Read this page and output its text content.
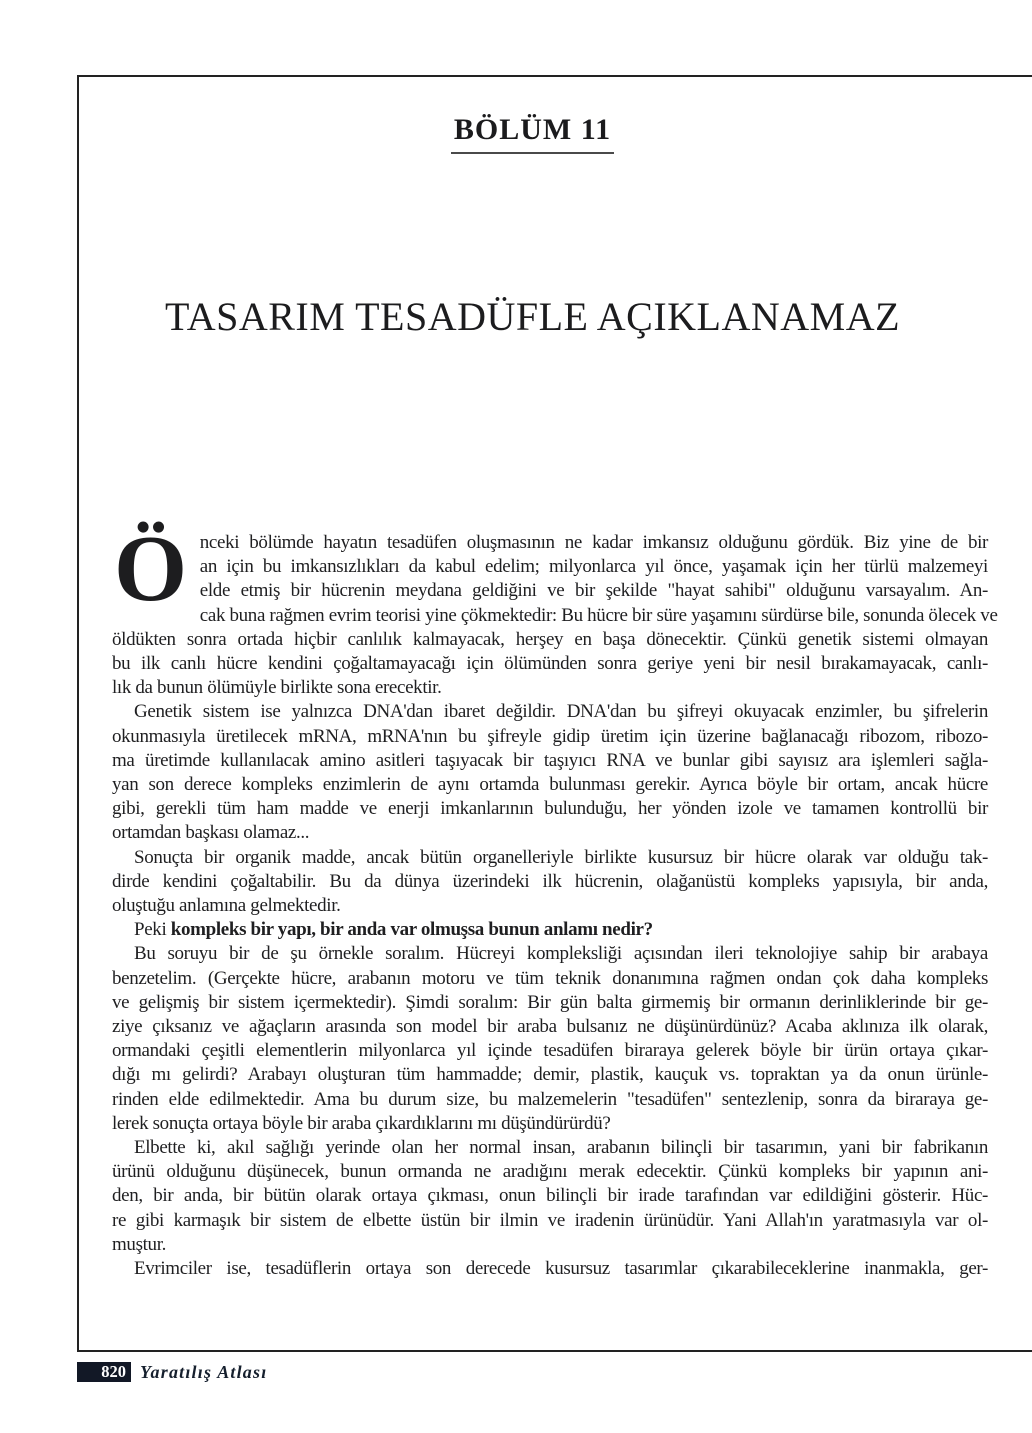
BÖLÜM 11
TASARIM TESADÜFLE AÇIKLANAMAZ
Ö nceki bölümde hayatın tesadüfen oluşmasının ne kadar imkansız olduğunu gördük. Biz yine de bir
an için bu imkansızlıkları da kabul edelim; milyonlarca yıl önce, yaşamak için her türlü malzemeyi
elde etmiş bir hücrenin meydana geldiğini ve bir şekilde "hayat sahibi" olduğunu varsayalım. An-
cak buna rağmen evrim teorisi yine çökmektedir: Bu hücre bir süre yaşamını sürdürse bile, sonunda ölecek ve
öldükten sonra ortada hiçbir canlılık kalmayacak, herşey en başa dönecektir. Çünkü genetik sistemi olmayan
bu ilk canlı hücre kendini çoğaltamayacağı için ölümünden sonra geriye yeni bir nesil bırakamayacak, canlı-
lık da bunun ölümüyle birlikte sona erecektir.
Genetik sistem ise yalnızca DNA'dan ibaret değildir. DNA'dan bu şifreyi okuyacak enzimler, bu şifrelerin
okunmasıyla üretilecek mRNA, mRNA'nın bu şifreyle gidip üretim için üzerine bağlanacağı ribozom, ribozo-
ma üretimde kullanılacak amino asitleri taşıyacak bir taşıyıcı RNA ve bunlar gibi sayısız ara işlemleri sağla-
yan son derece kompleks enzimlerin de aynı ortamda bulunması gerekir. Ayrıca böyle bir ortam, ancak hücre
gibi, gerekli tüm ham madde ve enerji imkanlarının bulunduğu, her yönden izole ve tamamen kontrollü bir
ortamdan başkası olamaz...
Sonuçta bir organik madde, ancak bütün organelleriyle birlikte kusursuz bir hücre olarak var olduğu tak-
dirde kendini çoğaltabilir. Bu da dünya üzerindeki ilk hücrenin, olağanüstü kompleks yapısıyla, bir anda,
oluştuğu anlamına gelmektedir.
Peki kompleks bir yapı, bir anda var olmuşsa bunun anlamı nedir?
Bu soruyu bir de şu örnekle soralım. Hücreyi kompleksliği açısından ileri teknolojiye sahip bir arabaya
benzetelim. (Gerçekte hücre, arabanın motoru ve tüm teknik donanımına rağmen ondan çok daha kompleks
ve gelişmiş bir sistem içermektedir). Şimdi soralım: Bir gün balta girmemiş bir ormanın derinliklerinde bir ge-
ziye çıksanız ve ağaçların arasında son model bir araba bulsanız ne düşünürdünüz? Acaba aklınıza ilk olarak,
ormandaki çeşitli elementlerin milyonlarca yıl içinde tesadüfen biraraya gelerek böyle bir ürün ortaya çıkar-
dığı mı gelirdi? Arabayı oluşturan tüm hammadde; demir, plastik, kauçuk vs. topraktan ya da onun ürünle-
rinden elde edilmektedir. Ama bu durum size, bu malzemelerin "tesadüfen" sentezlenip, sonra da biraraya ge-
lerek sonuçta ortaya böyle bir araba çıkardıklarını mı düşündürürdü?
Elbette ki, akıl sağlığı yerinde olan her normal insan, arabanın bilinçli bir tasarımın, yani bir fabrikanın
ürünü olduğunu düşünecek, bunun ormanda ne aradığını merak edecektir. Çünkü kompleks bir yapının ani-
den, bir anda, bir bütün olarak ortaya çıkması, onun bilinçli bir irade tarafından var edildiğini gösterir. Hüc-
re gibi karmaşık bir sistem de elbette üstün bir ilmin ve iradenin ürünüdür. Yani Allah'ın yaratmasıyla var ol-
muştur.
Evrimciler ise, tesadüflerin ortaya son derecede kusursuz tasarımlar çıkarabileceklerine inanmakla, ger-
820 Yaratılış Atlası
